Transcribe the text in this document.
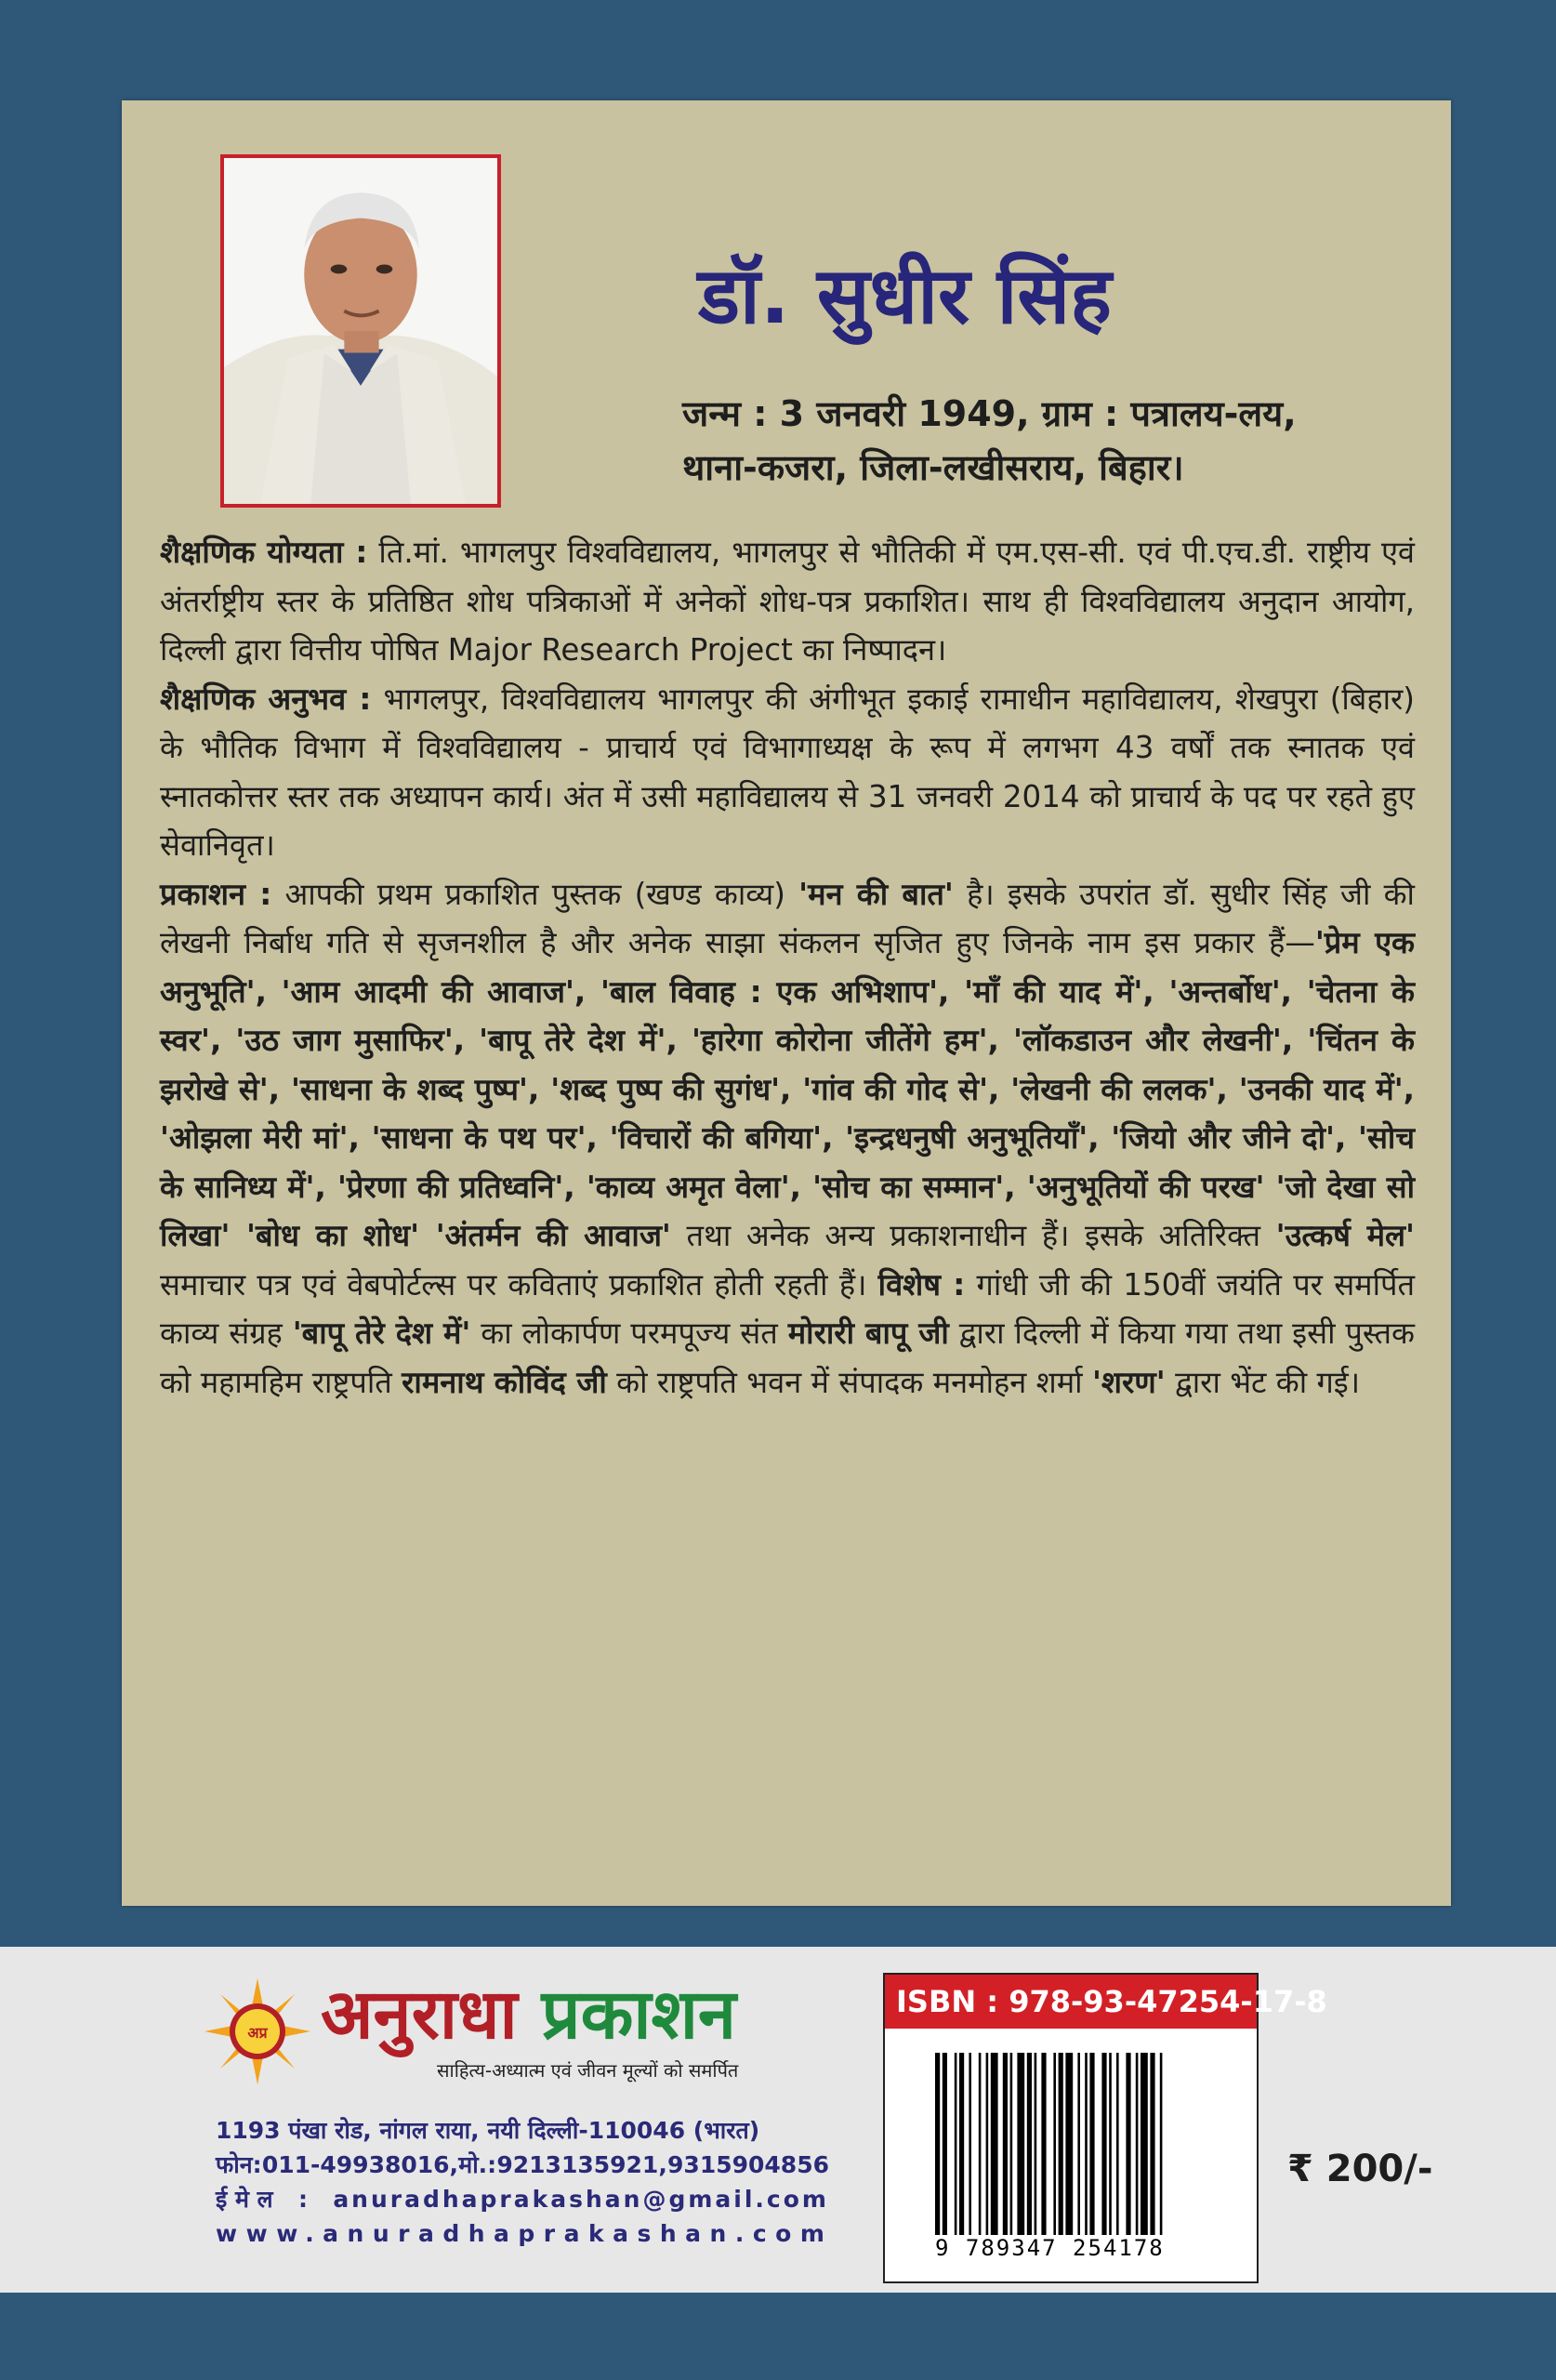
डॉ. सुधीर सिंह
जन्म : 3 जनवरी 1949, ग्राम : पत्रालय-लय,
थाना-कजरा, जिला-लखीसराय, बिहार।

शैक्षणिक योग्यता : ति.मां. भागलपुर विश्वविद्यालय, भागलपुर से भौतिकी में एम.एस-सी. एवं पी.एच.डी. राष्ट्रीय एवं अंतर्राष्ट्रीय स्तर के प्रतिष्ठित शोध पत्रिकाओं में अनेकों शोध-पत्र प्रकाशित। साथ ही विश्वविद्यालय अनुदान आयोग, दिल्ली द्वारा वित्तीय पोषित Major Research Project का निष्पादन।

शैक्षणिक अनुभव : भागलपुर, विश्वविद्यालय भागलपुर की अंगीभूत इकाई रामाधीन महाविद्यालय, शेखपुरा (बिहार) के भौतिक विभाग में विश्वविद्यालय - प्राचार्य एवं विभागाध्यक्ष के रूप में लगभग 43 वर्षों तक स्नातक एवं स्नातकोत्तर स्तर तक अध्यापन कार्य। अंत में उसी महाविद्यालय से 31 जनवरी 2014 को प्राचार्य के पद पर रहते हुए सेवानिवृत।

प्रकाशन : आपकी प्रथम प्रकाशित पुस्तक (खण्ड काव्य) 'मन की बात' है। इसके उपरांत डॉ. सुधीर सिंह जी की लेखनी निर्बाध गति से सृजनशील है और अनेक साझा संकलन सृजित हुए जिनके नाम इस प्रकार हैं—'प्रेम एक अनुभूति', 'आम आदमी की आवाज', 'बाल विवाह : एक अभिशाप', 'माँ की याद में', 'अन्तर्बोध', 'चेतना के स्वर', 'उठ जाग मुसाफिर', 'बापू तेरे देश में', 'हारेगा कोरोना जीतेंगे हम', 'लॉकडाउन और लेखनी', 'चिंतन के झरोखे से', 'साधना के शब्द पुष्प', 'शब्द पुष्प की सुगंध', 'गांव की गोद से', 'लेखनी की ललक', 'उनकी याद में', 'ओझला मेरी मां', 'साधना के पथ पर', 'विचारों की बगिया', 'इन्द्रधनुषी अनुभूतियाँ', 'जियो और जीने दो', 'सोच के सानिध्य में', 'प्रेरणा की प्रतिध्वनि', 'काव्य अमृत वेला', 'सोच का सम्मान', 'अनुभूतियों की परख' 'जो देखा सो लिखा' 'बोध का शोध' 'अंतर्मन की आवाज' तथा अनेक अन्य प्रकाशनाधीन हैं। इसके अतिरिक्त 'उत्कर्ष मेल' समाचार पत्र एवं वेबपोर्टल्स पर कविताएं प्रकाशित होती रहती हैं। विशेष : गांधी जी की 150वीं जयंति पर समर्पित काव्य संग्रह 'बापू तेरे देश में' का लोकार्पण परमपूज्य संत मोरारी बापू जी द्वारा दिल्ली में किया गया तथा इसी पुस्तक को महामहिम राष्ट्रपति रामनाथ कोविंद जी को राष्ट्रपति भवन में संपादक मनमोहन शर्मा 'शरण' द्वारा भेंट की गई।

अप्र अनुराधा प्रकाशन
साहित्य-अध्यात्म एवं जीवन मूल्यों को समर्पित
1193 पंखा रोड, नांगल राया, नयी दिल्ली-110046 (भारत)
फोन: 011-49938016, मो.: 9213135921, 9315904856
ई मे ल : anuradhaprakashan@gmail.com
www.anuradhaprakashan.com
ISBN : 978-93-47254-17-8
9 789347 254178
₹ 200/-
